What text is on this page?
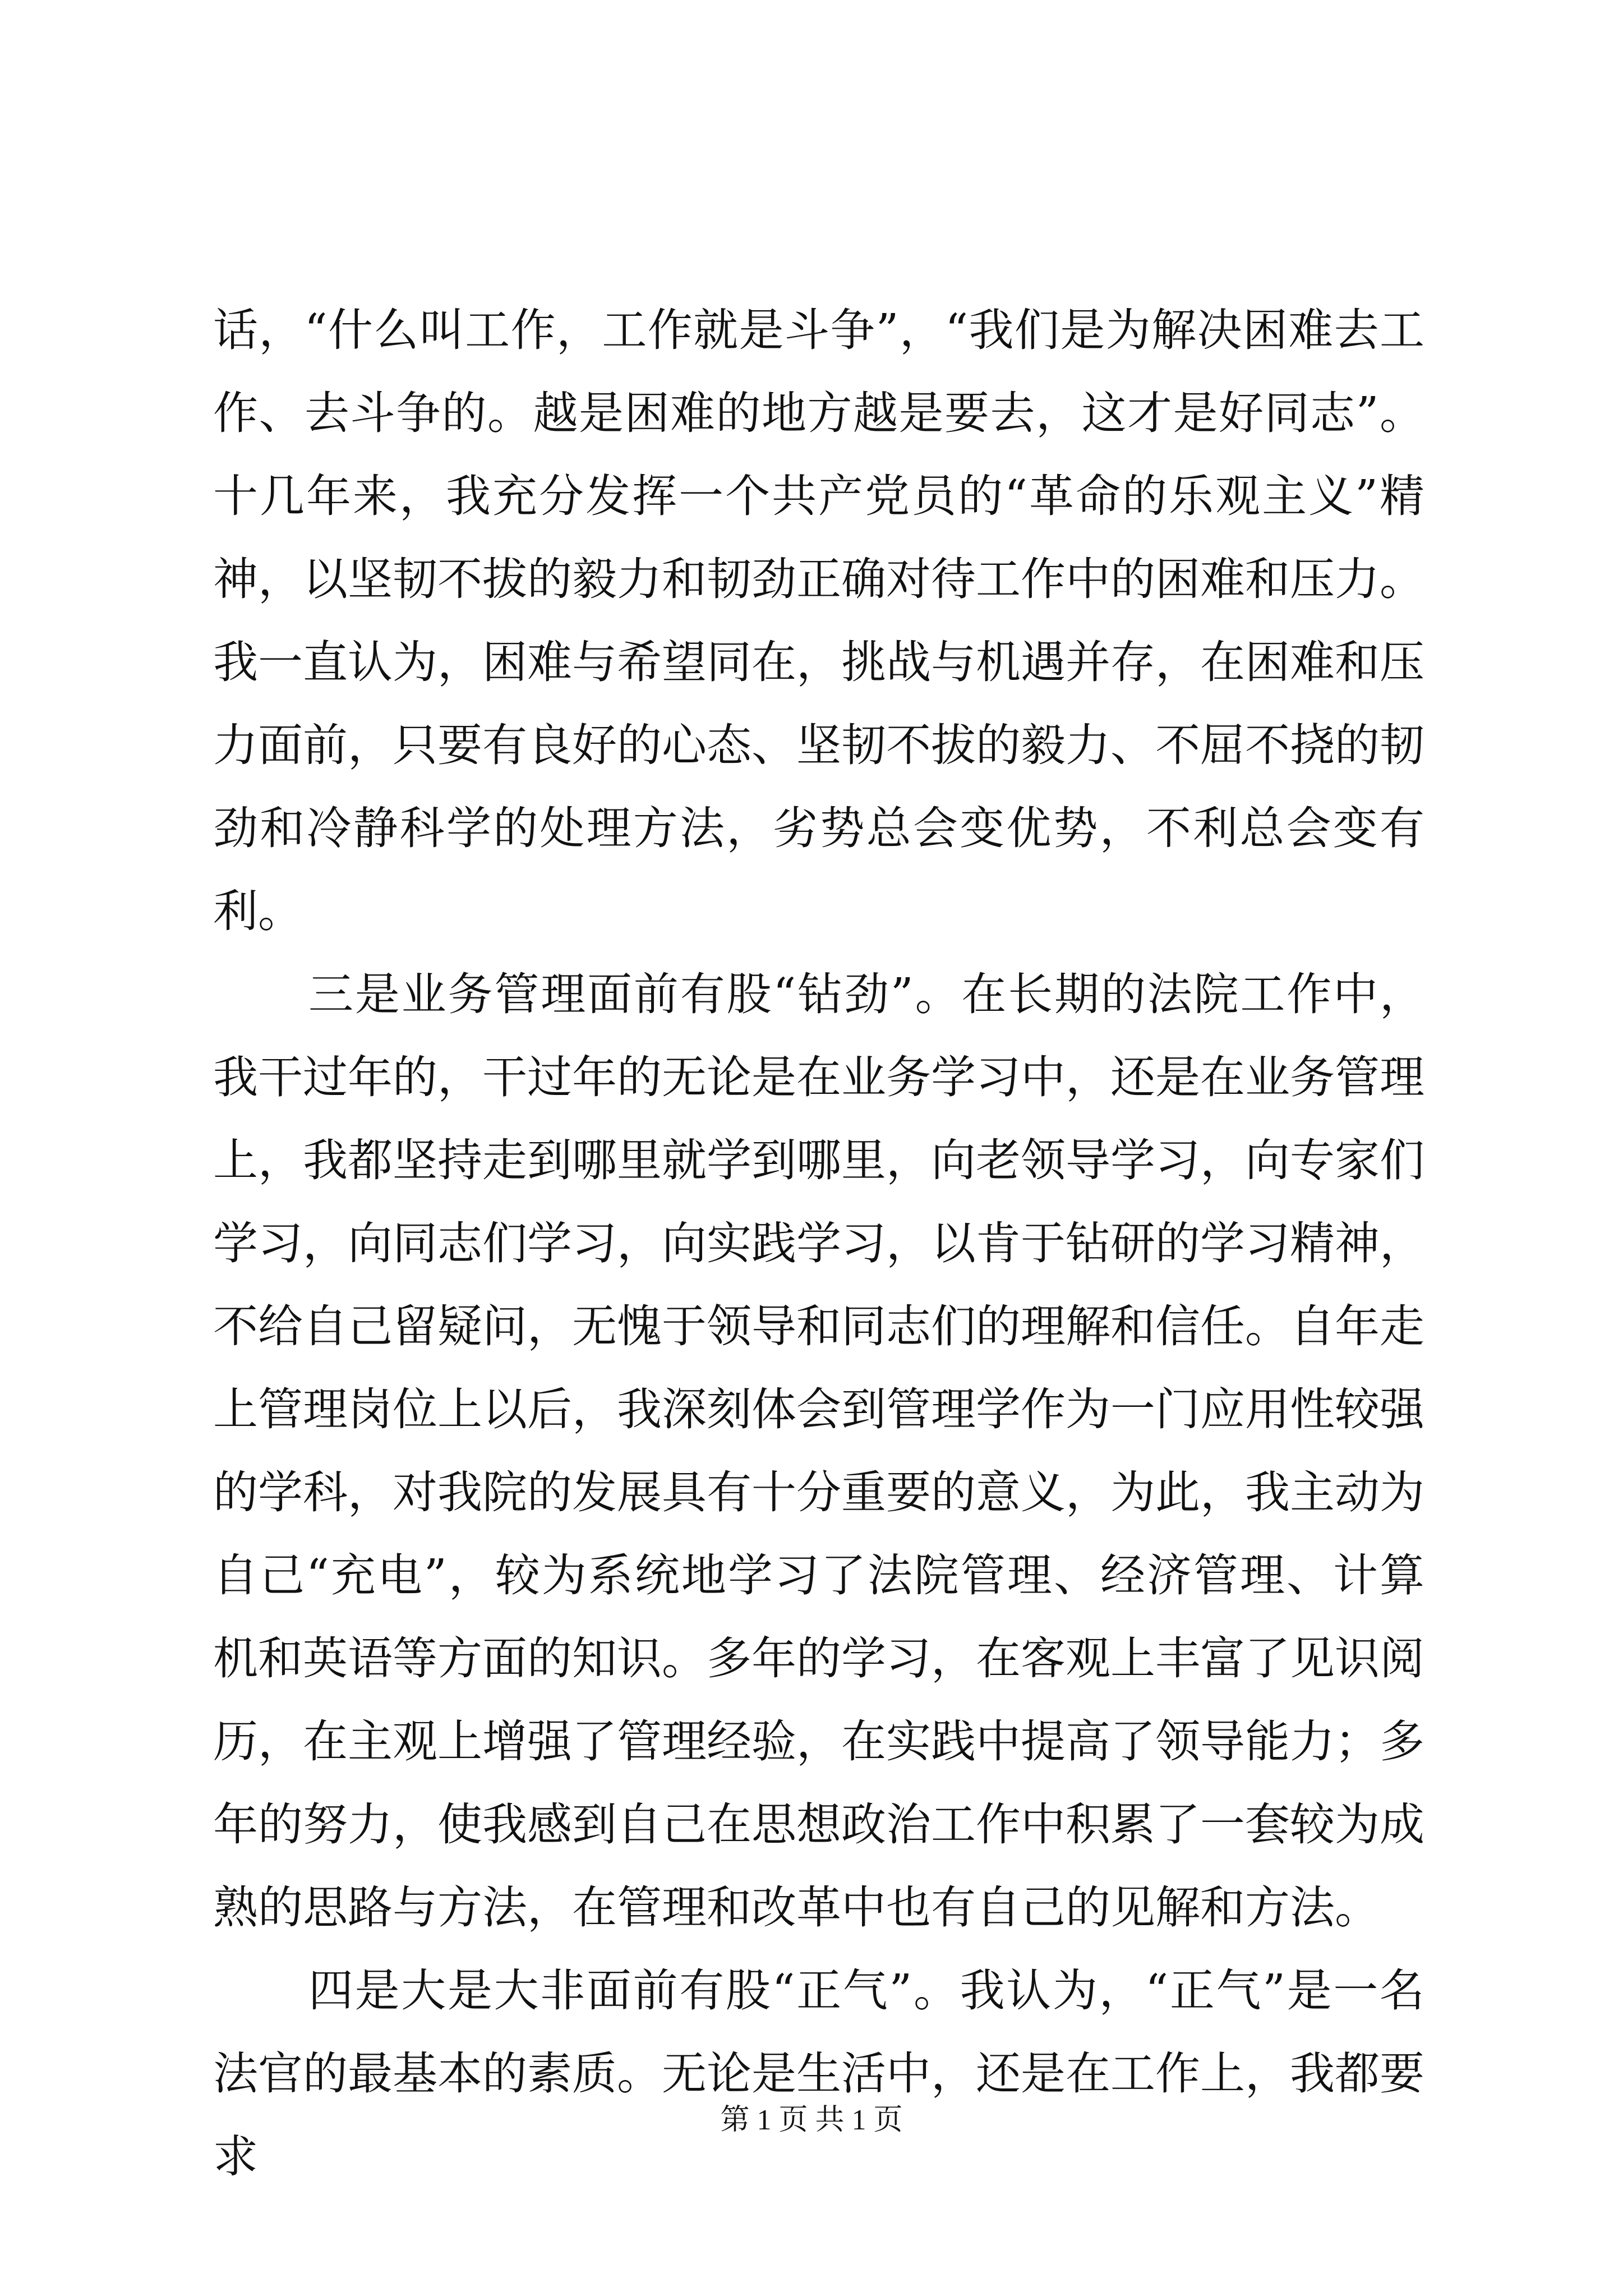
话，“什么叫工作，工作就是斗争”，“我们是为解决困难去工作、去斗争的。越是困难的地方越是要去，这才是好同志”。十几年来，我充分发挥一个共产党员的“革命的乐观主义”精神，以坚韧不拔的毅力和韧劲正确对待工作中的困难和压力。我一直认为，困难与希望同在，挑战与机遇并存，在困难和压力面前，只要有良好的心态、坚韧不拔的毅力、不屈不挠的韧劲和冷静科学的处理方法，劣势总会变优势，不利总会变有利。

三是业务管理面前有股“钻劲”。在长期的法院工作中，我干过年的，干过年的无论是在业务学习中，还是在业务管理上，我都坚持走到哪里就学到哪里，向老领导学习，向专家们学习，向同志们学习，向实践学习，以肯于钻研的学习精神，不给自己留疑问，无愧于领导和同志们的理解和信任。自年走上管理岗位上以后，我深刻体会到管理学作为一门应用性较强的学科，对我院的发展具有十分重要的意义，为此，我主动为自己“充电”，较为系统地学习了法院管理、经济管理、计算机和英语等方面的知识。多年的学习，在客观上丰富了见识阅历，在主观上增强了管理经验，在实践中提高了领导能力；多年的努力，使我感到自己在思想政治工作中积累了一套较为成熟的思路与方法，在管理和改革中也有自己的见解和方法。

四是大是大非面前有股“正气”。我认为，“正气”是一名法官的最基本的素质。无论是生活中，还是在工作上，我都要求

第 1 页 共 1 页
